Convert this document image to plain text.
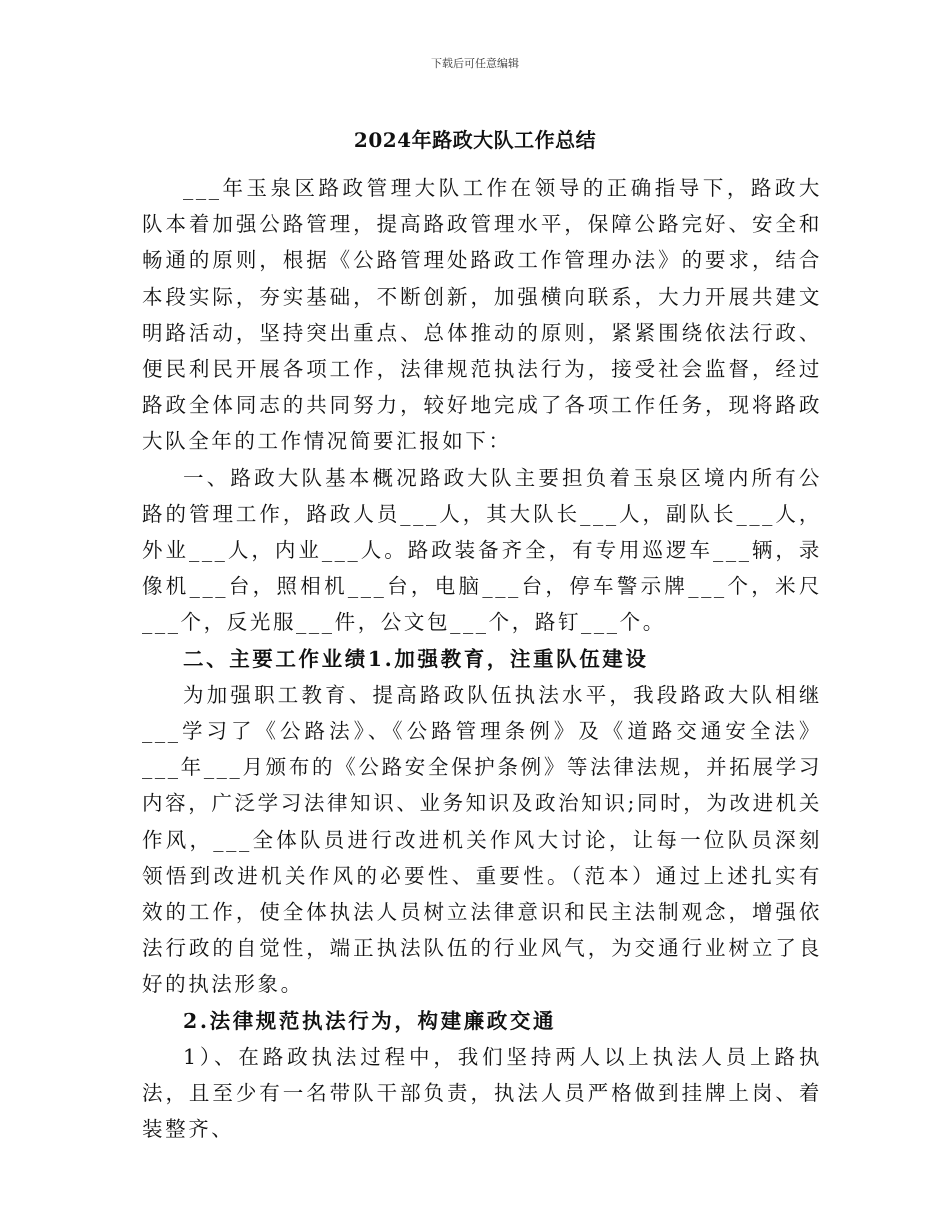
下载后可任意编辑
2024年路政大队工作总结

___年玉泉区路政管理大队工作在领导的正确指导下，路政大队本着加强公路管理，提高路政管理水平，保障公路完好、安全和畅通的原则，根据《公路管理处路政工作管理办法》的要求，结合本段实际，夯实基础，不断创新，加强横向联系，大力开展共建文明路活动，坚持突出重点、总体推动的原则，紧紧围绕依法行政、便民利民开展各项工作，法律规范执法行为，接受社会监督，经过路政全体同志的共同努力，较好地完成了各项工作任务，现将路政大队全年的工作情况简要汇报如下：

一、路政大队基本概况路政大队主要担负着玉泉区境内所有公路的管理工作，路政人员___人，其大队长___人，副队长___人，外业___人，内业___人。路政装备齐全，有专用巡逻车___辆，录像机___台，照相机___台，电脑___台，停车警示牌___个，米尺___个，反光服___件，公文包___个，路钉___个。

二、主要工作业绩1.加强教育，注重队伍建设

为加强职工教育、提高路政队伍执法水平，我段路政大队相继___学习了《公路法》、《公路管理条例》及《道路交通安全法》___年___月颁布的《公路安全保护条例》等法律法规，并拓展学习内容，广泛学习法律知识、业务知识及政治知识;同时，为改进机关作风，___全体队员进行改进机关作风大讨论，让每一位队员深刻领悟到改进机关作风的必要性、重要性。（范本）通过上述扎实有效的工作，使全体执法人员树立法律意识和民主法制观念，增强依法行政的自觉性，端正执法队伍的行业风气，为交通行业树立了良好的执法形象。

2.法律规范执法行为，构建廉政交通

1）、在路政执法过程中，我们坚持两人以上执法人员上路执法，且至少有一名带队干部负责，执法人员严格做到挂牌上岗、着装整齐、
